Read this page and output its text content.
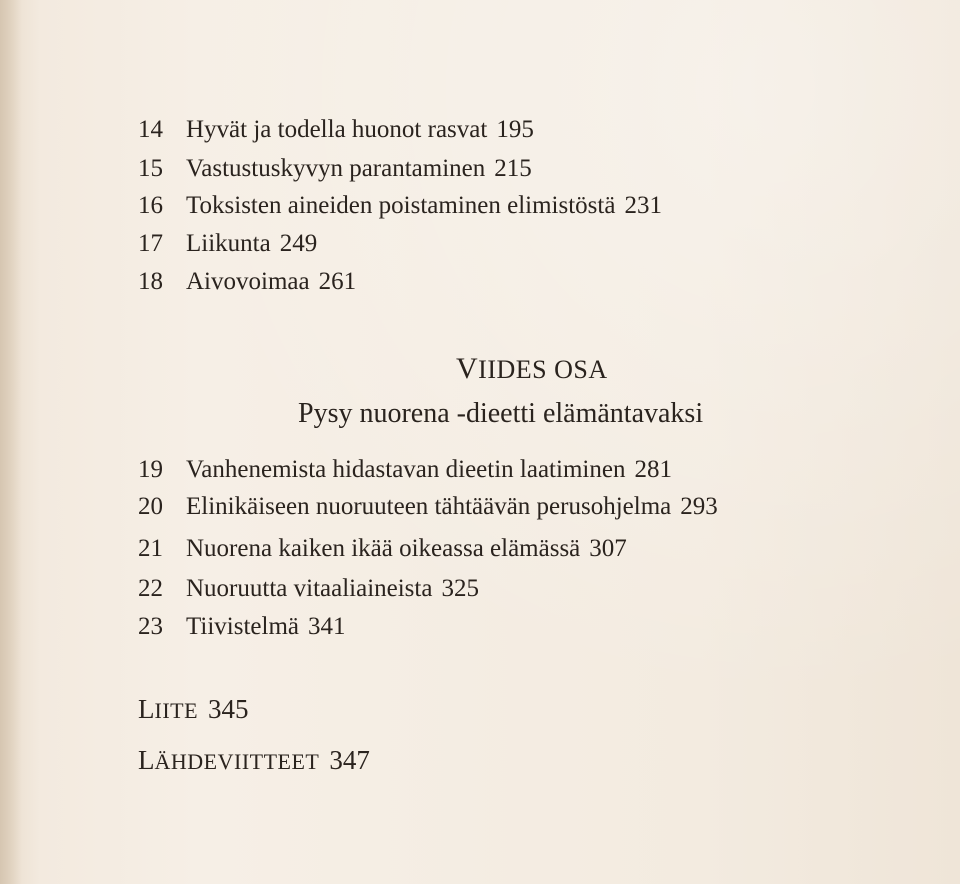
14 Hyvät ja todella huonot rasvat 195
15 Vastustuskyvyn parantaminen 215
16 Toksisten aineiden poistaminen elimistöstä 231
17 Liikunta 249
18 Aivovoimaa 261
VIIDES OSA
Pysy nuorena -dieetti elämäntavaksi
19 Vanhenemista hidastavan dieetin laatiminen 281
20 Elinikäiseen nuoruuteen tähtäävän perusohjelma 293
21 Nuorena kaiken ikää oikeassa elämässä 307
22 Nuoruutta vitaaliaineista 325
23 Tiivistelmä 341
LIITE 345
LÄHDEVIITTEET 347
